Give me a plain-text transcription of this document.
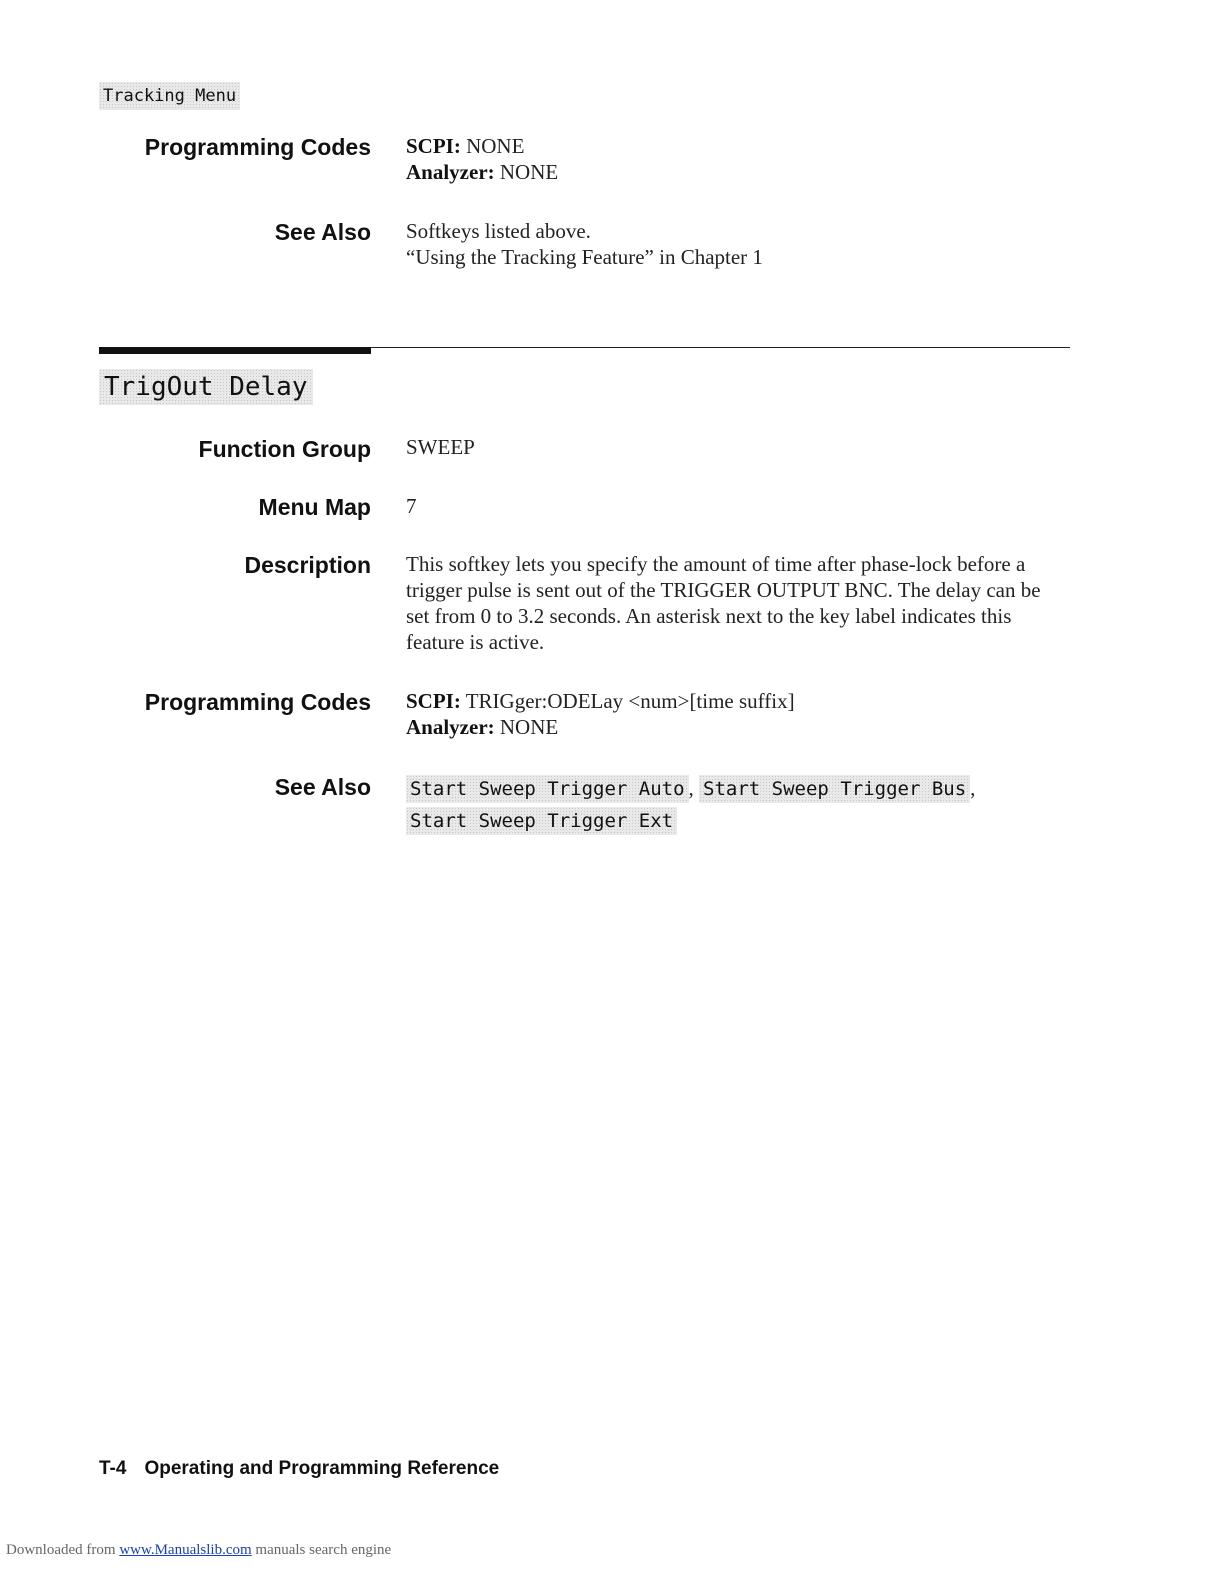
Tracking Menu
Programming Codes SCPI: NONE
Analyzer: NONE
See Also Softkeys listed above.
“Using the Tracking Feature” in Chapter 1
TrigOut Delay
Function Group SWEEP
Menu Map 7
Description This softkey lets you specify the amount of time after phase-lock before a trigger pulse is sent out of the TRIGGER OUTPUT BNC. The delay can be set from 0 to 3.2 seconds. An asterisk next to the key label indicates this feature is active.
Programming Codes SCPI: TRIGger:ODELay <num>[time suffix]
Analyzer: NONE
See Also Start Sweep Trigger Auto , Start Sweep Trigger Bus ,
Start Sweep Trigger Ext
T-4 Operating and Programming Reference
Downloaded from www.Manualslib.com manuals search engine
